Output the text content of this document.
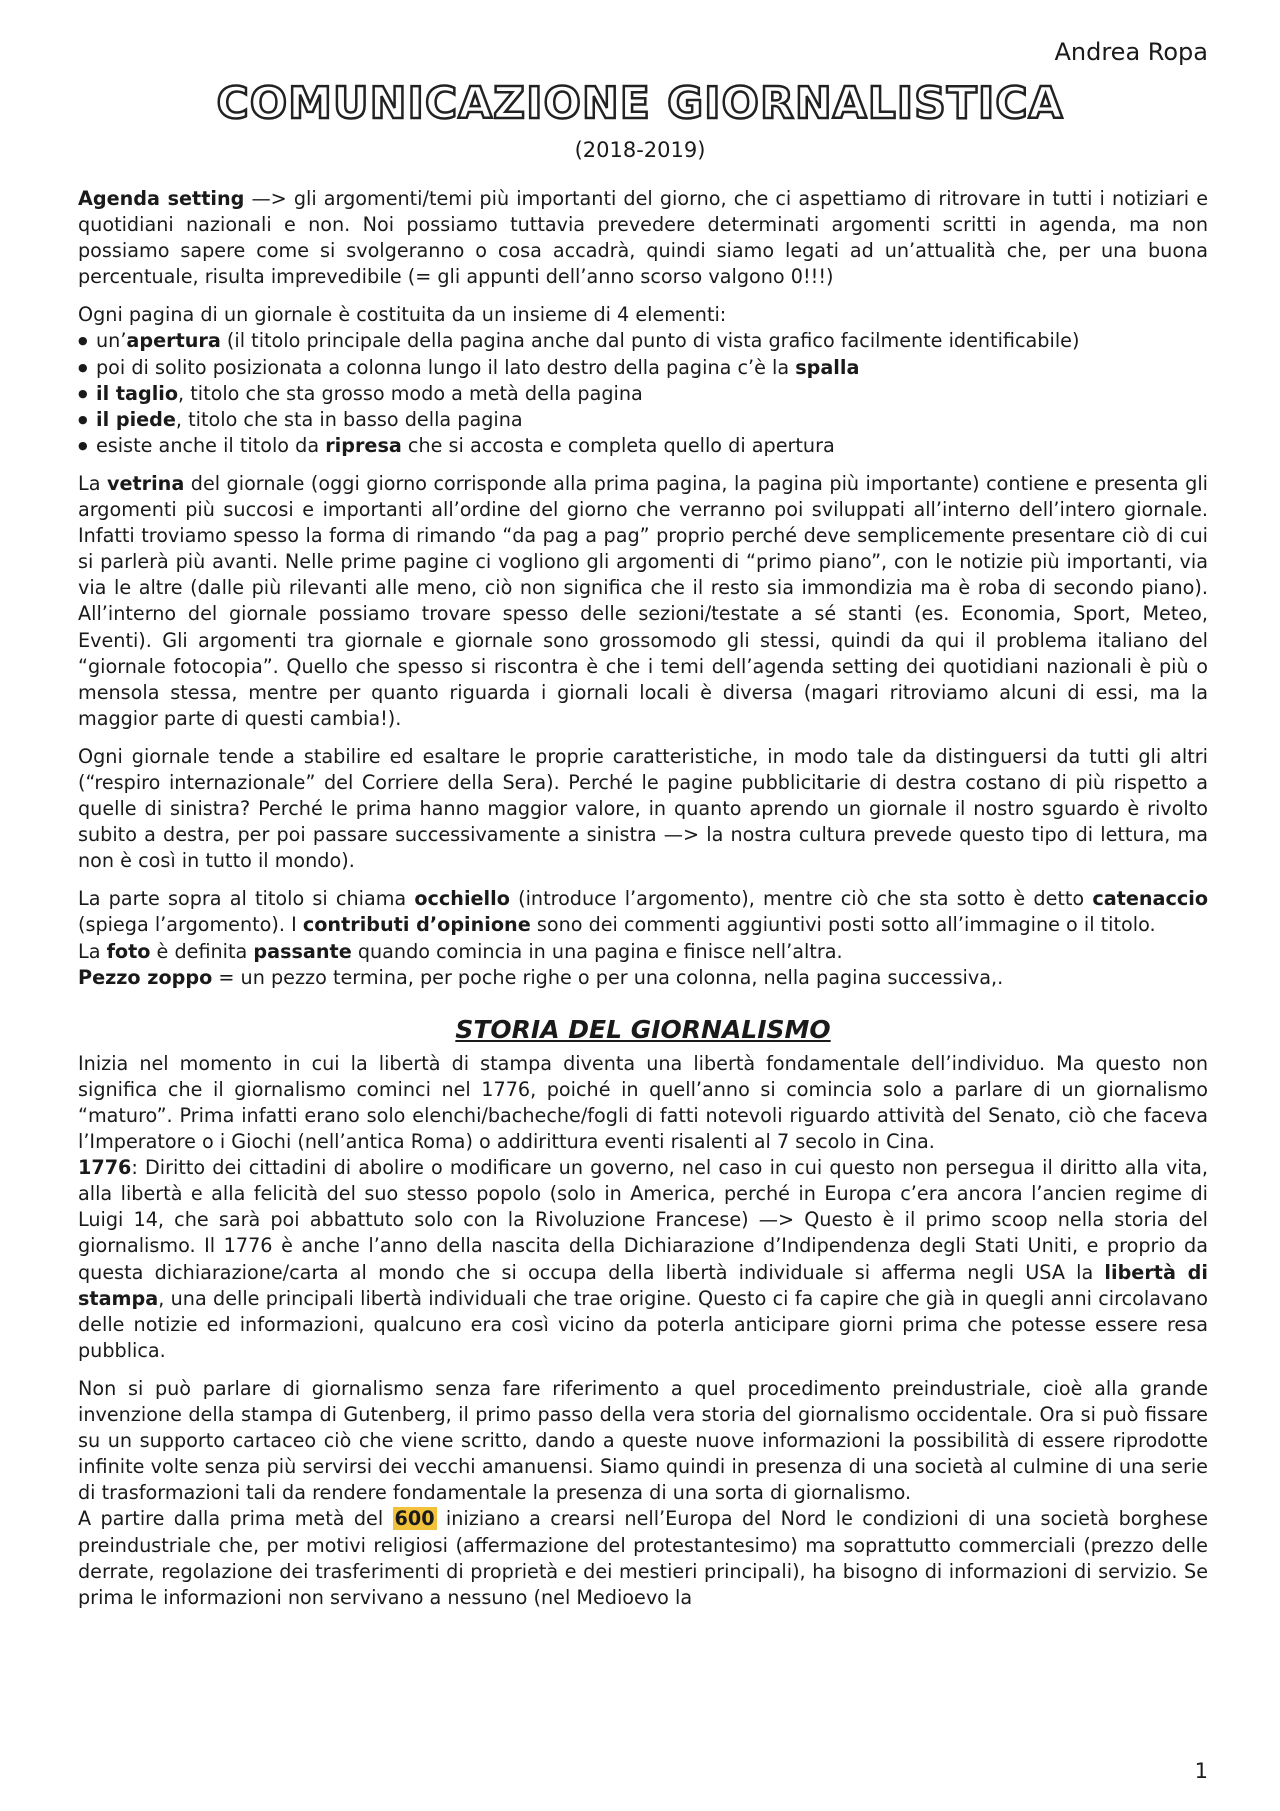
Andrea Ropa
COMUNICAZIONE GIORNALISTICA
(2018-2019)

Agenda setting —> gli argomenti/temi più importanti del giorno, che ci aspettiamo di ritrovare in tutti i notiziari e quotidiani nazionali e non. Noi possiamo tuttavia prevedere determinati argomenti scritti in agenda, ma non possiamo sapere come si svolgeranno o cosa accadrà, quindi siamo legati ad un’attualità che, per una buona percentuale, risulta imprevedibile (= gli appunti dell’anno scorso valgono 0!!!)

Ogni pagina di un giornale è costituita da un insieme di 4 elementi:

● un’apertura (il titolo principale della pagina anche dal punto di vista grafico facilmente identificabile)
● poi di solito posizionata a colonna lungo il lato destro della pagina c’è la spalla
● il taglio, titolo che sta grosso modo a metà della pagina
● il piede, titolo che sta in basso della pagina
● esiste anche il titolo da ripresa che si accosta e completa quello di apertura

La vetrina del giornale (oggi giorno corrisponde alla prima pagina, la pagina più importante) contiene e presenta gli argomenti più succosi e importanti all’ordine del giorno che verranno poi sviluppati all’interno dell’intero giornale. Infatti troviamo spesso la forma di rimando “da pag a pag” proprio perché deve semplicemente presentare ciò di cui si parlerà più avanti. Nelle prime pagine ci vogliono gli argomenti di “primo piano”, con le notizie più importanti, via via le altre (dalle più rilevanti alle meno, ciò non significa che il resto sia immondizia ma è roba di secondo piano). All’interno del giornale possiamo trovare spesso delle sezioni/testate a sé stanti (es. Economia, Sport, Meteo, Eventi). Gli argomenti tra giornale e giornale sono grossomodo gli stessi, quindi da qui il problema italiano del “giornale fotocopia”. Quello che spesso si riscontra è che i temi dell’agenda setting dei quotidiani nazionali è più o mensola stessa, mentre per quanto riguarda i giornali locali è diversa (magari ritroviamo alcuni di essi, ma la maggior parte di questi cambia!).

Ogni giornale tende a stabilire ed esaltare le proprie caratteristiche, in modo tale da distinguersi da tutti gli altri (“respiro internazionale” del Corriere della Sera). Perché le pagine pubblicitarie di destra costano di più rispetto a quelle di sinistra? Perché le prima hanno maggior valore, in quanto aprendo un giornale il nostro sguardo è rivolto subito a destra, per poi passare successivamente a sinistra —> la nostra cultura prevede questo tipo di lettura, ma non è così in tutto il mondo).

La parte sopra al titolo si chiama occhiello (introduce l’argomento), mentre ciò che sta sotto è detto catenaccio (spiega l’argomento). I contributi d’opinione sono dei commenti aggiuntivi posti sotto all’immagine o il titolo.

La foto è definita passante quando comincia in una pagina e finisce nell’altra.

Pezzo zoppo = un pezzo termina, per poche righe o per una colonna, nella pagina successiva,.

STORIA DEL GIORNALISMO

Inizia nel momento in cui la libertà di stampa diventa una libertà fondamentale dell’individuo. Ma questo non significa che il giornalismo cominci nel 1776, poiché in quell’anno si comincia solo a parlare di un giornalismo “maturo”. Prima infatti erano solo elenchi/bacheche/fogli di fatti notevoli riguardo attività del Senato, ciò che faceva l’Imperatore o i Giochi (nell’antica Roma) o addirittura eventi risalenti al 7 secolo in Cina.

1776: Diritto dei cittadini di abolire o modificare un governo, nel caso in cui questo non persegua il diritto alla vita, alla libertà e alla felicità del suo stesso popolo (solo in America, perché in Europa c’era ancora l’ancien regime di Luigi 14, che sarà poi abbattuto solo con la Rivoluzione Francese) —> Questo è il primo scoop nella storia del giornalismo. Il 1776 è anche l’anno della nascita della Dichiarazione d’Indipendenza degli Stati Uniti, e proprio da questa dichiarazione/carta al mondo che si occupa della libertà individuale si afferma negli USA la libertà di stampa, una delle principali libertà individuali che trae origine. Questo ci fa capire che già in quegli anni circolavano delle notizie ed informazioni, qualcuno era così vicino da poterla anticipare giorni prima che potesse essere resa pubblica.

Non si può parlare di giornalismo senza fare riferimento a quel procedimento preindustriale, cioè alla grande invenzione della stampa di Gutenberg, il primo passo della vera storia del giornalismo occidentale. Ora si può fissare su un supporto cartaceo ciò che viene scritto, dando a queste nuove informazioni la possibilità di essere riprodotte infinite volte senza più servirsi dei vecchi amanuensi. Siamo quindi in presenza di una società al culmine di una serie di trasformazioni tali da rendere fondamentale la presenza di una sorta di giornalismo.

A partire dalla prima metà del 600 iniziano a crearsi nell’Europa del Nord le condizioni di una società borghese preindustriale che, per motivi religiosi (affermazione del protestantesimo) ma soprattutto commerciali (prezzo delle derrate, regolazione dei trasferimenti di proprietà e dei mestieri principali), ha bisogno di informazioni di servizio. Se prima le informazioni non servivano a nessuno (nel Medioevo la

1
